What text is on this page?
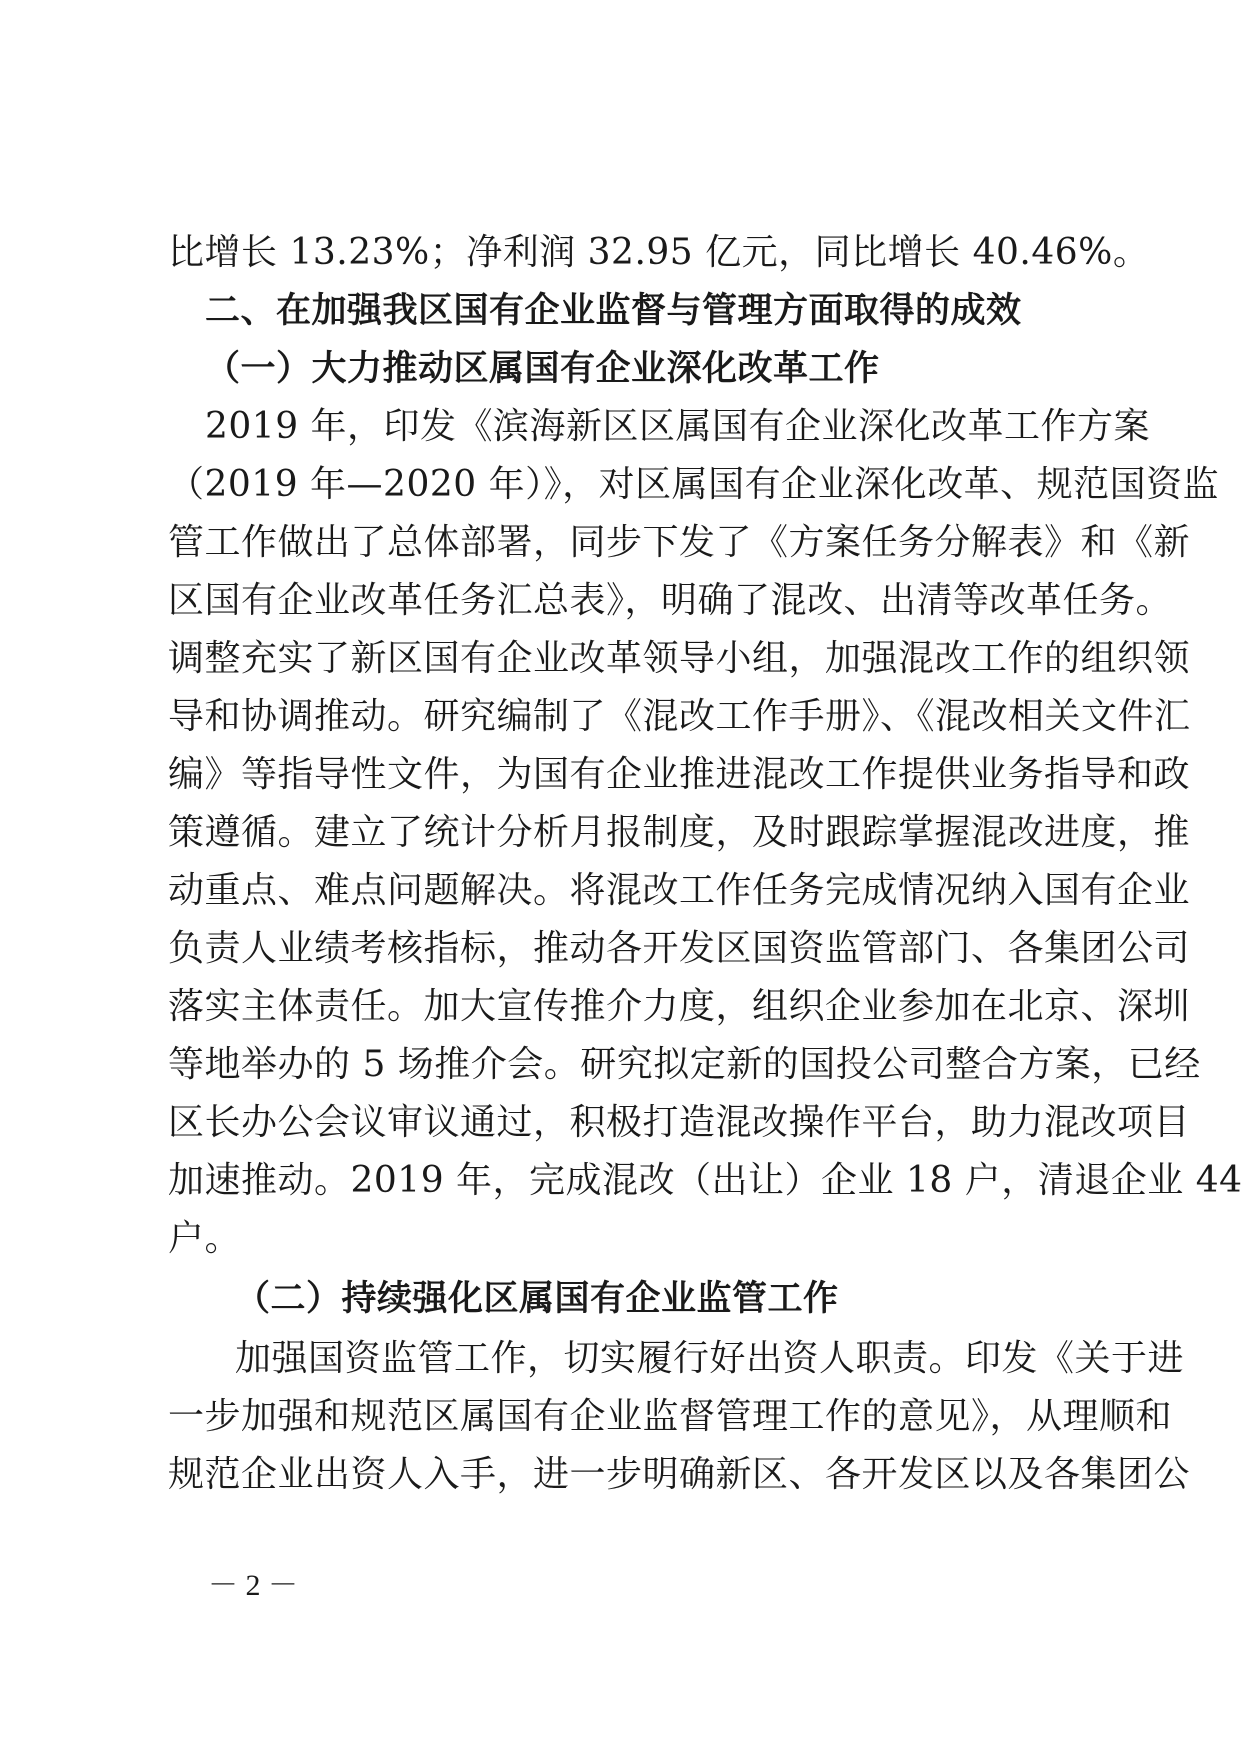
比增长 13.23%；净利润 32.95 亿元，同比增长 40.46%。
二、在加强我区国有企业监督与管理方面取得的成效
（一）大力推动区属国有企业深化改革工作
2019 年，印发《滨海新区区属国有企业深化改革工作方案
（2019 年—2020 年）》，对区属国有企业深化改革、规范国资监
管工作做出了总体部署，同步下发了《方案任务分解表》和《新
区国有企业改革任务汇总表》，明确了混改、出清等改革任务。
调整充实了新区国有企业改革领导小组，加强混改工作的组织领
导和协调推动。研究编制了《混改工作手册》、《混改相关文件汇
编》等指导性文件，为国有企业推进混改工作提供业务指导和政
策遵循。建立了统计分析月报制度，及时跟踪掌握混改进度，推
动重点、难点问题解决。将混改工作任务完成情况纳入国有企业
负责人业绩考核指标，推动各开发区国资监管部门、各集团公司
落实主体责任。加大宣传推介力度，组织企业参加在北京、深圳
等地举办的 5 场推介会。研究拟定新的国投公司整合方案，已经
区长办公会议审议通过，积极打造混改操作平台，助力混改项目
加速推动。2019 年，完成混改（出让）企业 18 户，清退企业 44
户。
（二）持续强化区属国有企业监管工作
加强国资监管工作，切实履行好出资人职责。印发《关于进
一步加强和规范区属国有企业监督管理工作的意见》，从理顺和
规范企业出资人入手，进一步明确新区、各开发区以及各集团公
－ 2 －
